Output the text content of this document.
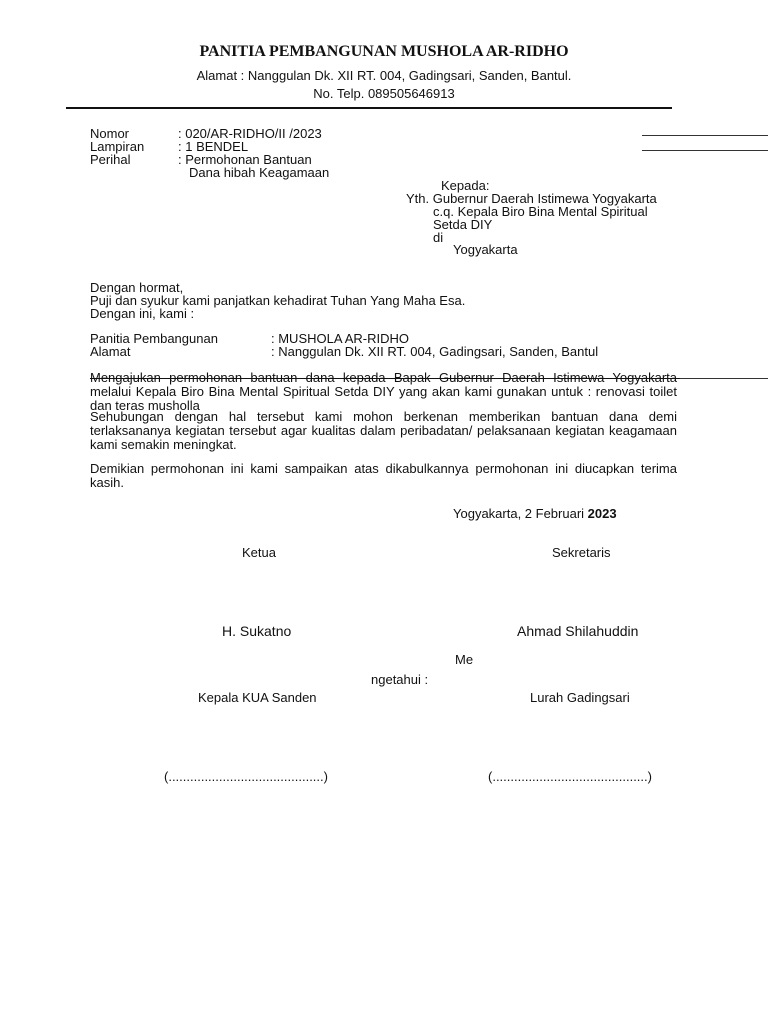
PANITIA PEMBANGUNAN MUSHOLA AR-RIDHO
Alamat : Nanggulan Dk. XII RT. 004, Gadingsari, Sanden, Bantul.
No. Telp. 089505646913
Nomor	: 020/AR-RIDHO/II /2023
Lampiran	: 1 BENDEL
Perihal	: Permohonan Bantuan
Dana hibah Keagamaan
Kepada:
Yth. Gubernur Daerah Istimewa Yogyakarta
c.q. Kepala Biro Bina Mental Spiritual
Setda DIY
di
Yogyakarta
Dengan hormat,
Puji dan syukur kami panjatkan kehadirat Tuhan Yang Maha Esa.
Dengan ini, kami :
Panitia Pembangunan	: MUSHOLA AR-RIDHO
Alamat	: Nanggulan Dk. XII RT. 004, Gadingsari, Sanden, Bantul
Mengajukan permohonan bantuan dana kepada Bapak Gubernur Daerah Istimewa Yogyakarta melalui Kepala Biro Bina Mental Spiritual Setda DIY yang akan kami gunakan untuk : renovasi toilet dan teras musholla
Sehubungan dengan hal tersebut kami mohon berkenan memberikan bantuan dana demi terlaksananya kegiatan tersebut agar kualitas dalam peribadatan/ pelaksanaan kegiatan keagamaan kami semakin meningkat.
Demikian permohonan ini kami sampaikan atas dikabulkannya permohonan ini diucapkan terima kasih.
Yogyakarta, 2 Februari 2023
Ketua	Sekretaris
H. Sukatno	Ahmad Shilahuddin
Me
ngetahui :
Kepala KUA Sanden	Lurah Gadingsari
(...........................................)	(...........................................)
